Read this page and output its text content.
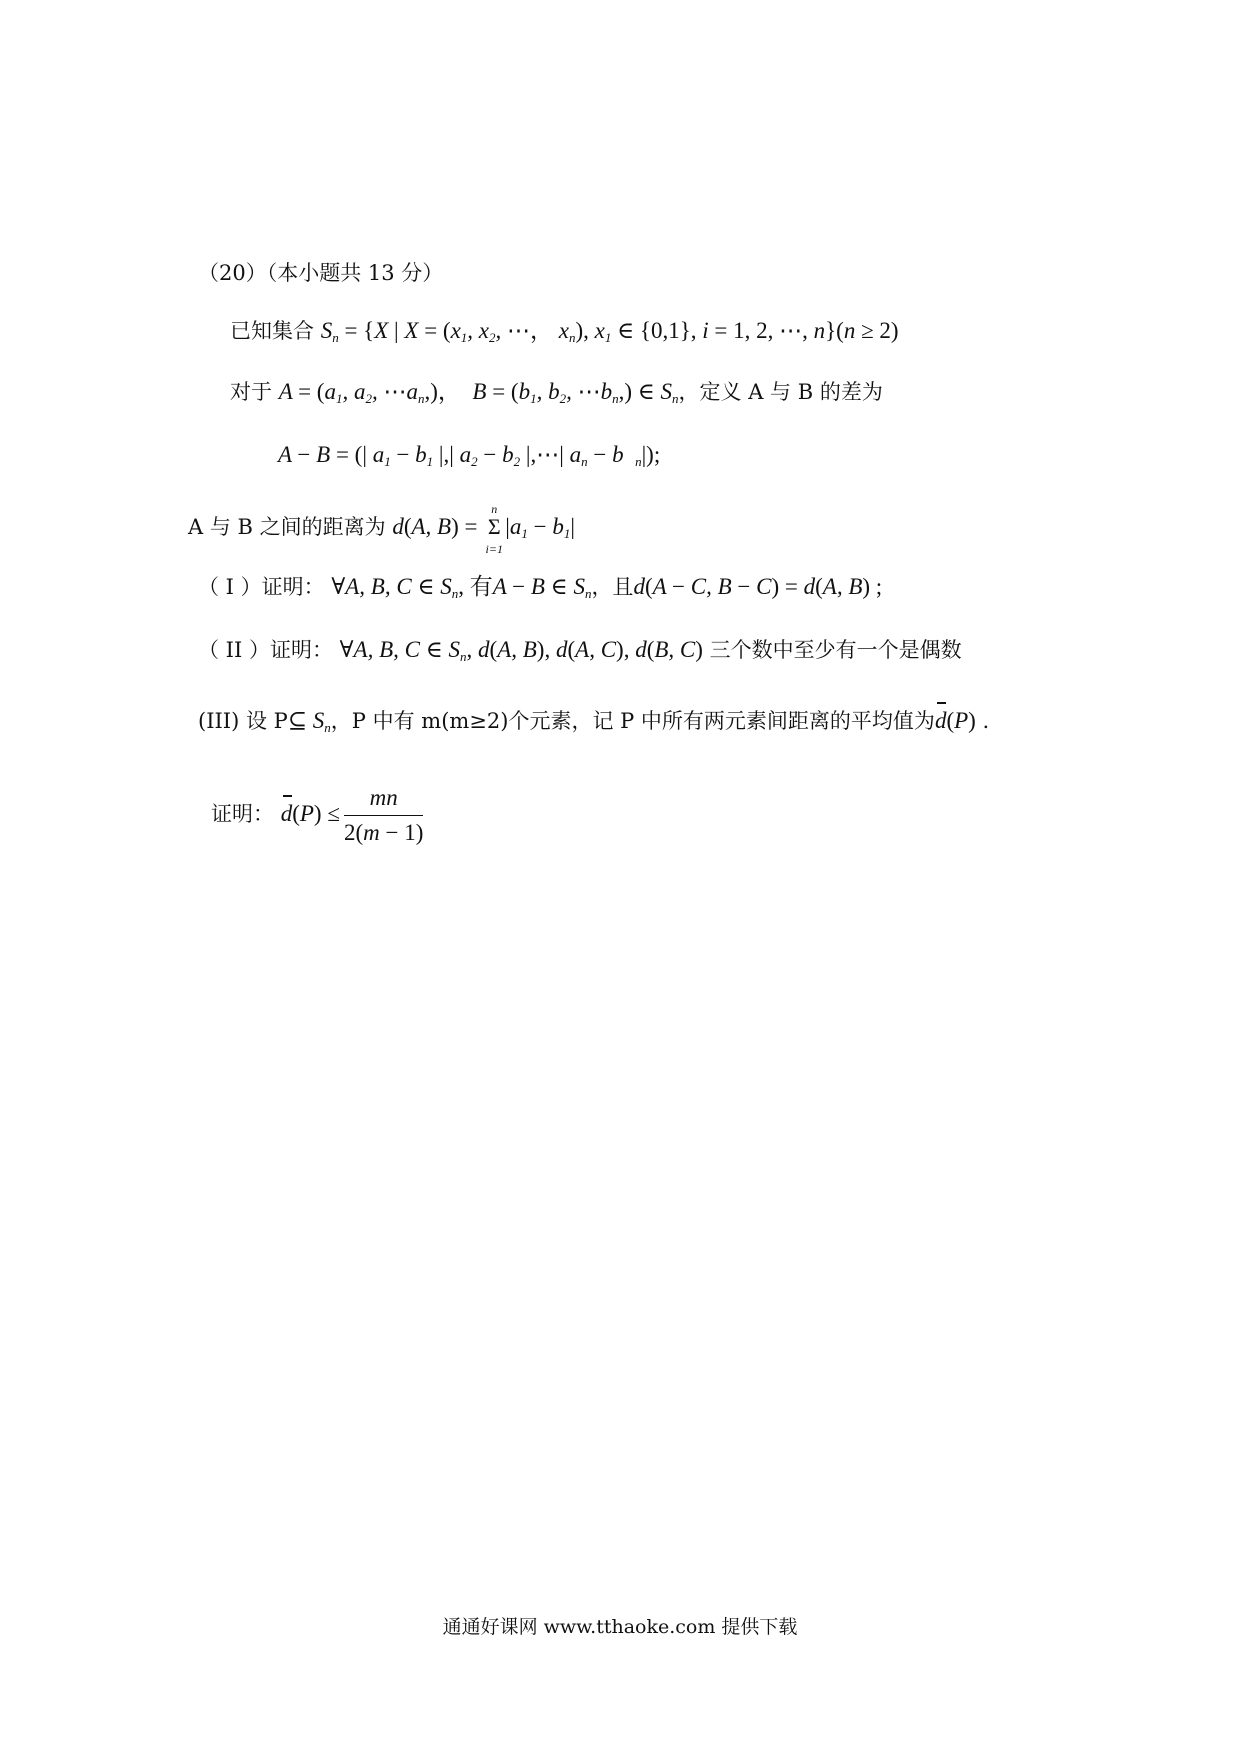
（20）（本小题共 13 分）
已知集合 $S_n = \{X$ | $X = (x_1$, $x_2$, ⋯， $x_n$), $x_1$ ∈ {0,1}, i = 1, 2, ⋯, n}(n ≥ 2)
对于 $A = (a_1$, $a_2$, $\cdots a_n$,)，  $B = (b_1$, $b_2$, $\cdots b_n$,) ∈ $S_n$，定义 A 与 B 的差为
A − B = (| $a_1 - b_1$ |,| $a_2 - b_2$ |,⋯| $a_n - b$  $_n$|);
A 与 B 之间的距离为 d(A, B) =
n
Σ
i=1
$|a_1 - b_1|$
（ I ）证明： ∀A, B, C ∈ $S_n$, 有A − B ∈ $S_n$，且d(A − C, B − C) = d(A, B) ;
（ II ）证明： ∀A, B, C ∈ $S_n$, d(A, B), d(A, C), d(B, C) 三个数中至少有一个是偶数
(III) 设 P⊆ $S_n$，P 中有 m(m≥2)个元素，记 P 中所有两元素间距离的平均值为d(P) .
证明： $d(P) \le \frac{mn}{2(m - 1)}$
通通好课网 www.tthaoke.com 提供下载
